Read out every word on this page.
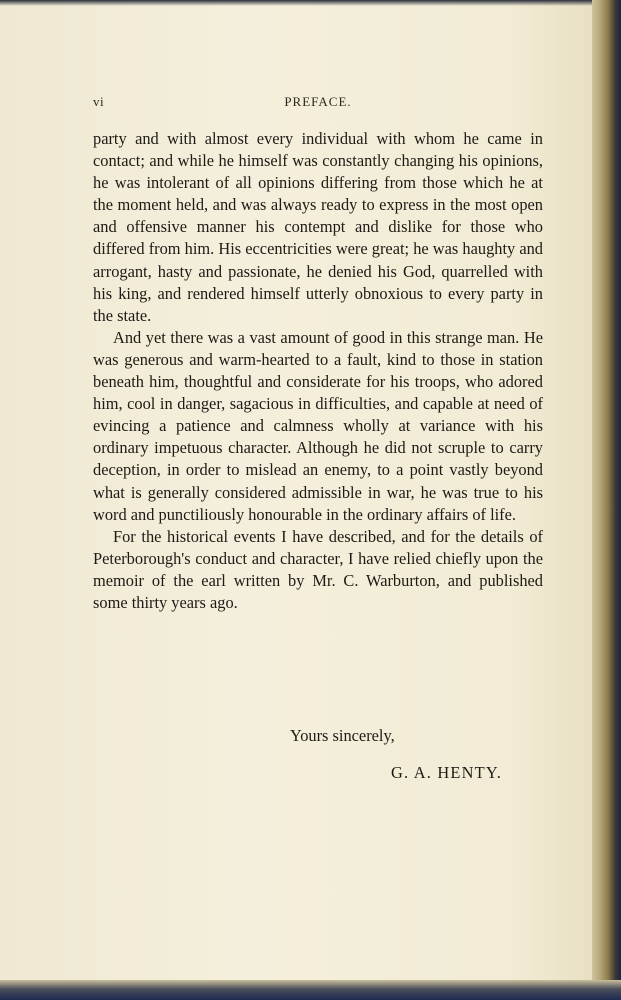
vi	PREFACE.

party and with almost every individual with whom he came in contact; and while he himself was constantly changing his opinions, he was intolerant of all opinions differing from those which he at the moment held, and was always ready to express in the most open and offensive manner his contempt and dislike for those who differed from him. His eccentricities were great; he was haughty and arrogant, hasty and passionate, he denied his God, quarrelled with his king, and rendered himself utterly obnoxious to every party in the state.

And yet there was a vast amount of good in this strange man. He was generous and warm-hearted to a fault, kind to those in station beneath him, thoughtful and considerate for his troops, who adored him, cool in danger, sagacious in difficulties, and capable at need of evincing a patience and calmness wholly at variance with his ordinary impetuous character. Although he did not scruple to carry deception, in order to mislead an enemy, to a point vastly beyond what is generally considered admissible in war, he was true to his word and punctiliously honourable in the ordinary affairs of life.

For the historical events I have described, and for the details of Peterborough's conduct and character, I have relied chiefly upon the memoir of the earl written by Mr. C. Warburton, and published some thirty years ago.

Yours sincerely,
G. A. HENTY.
